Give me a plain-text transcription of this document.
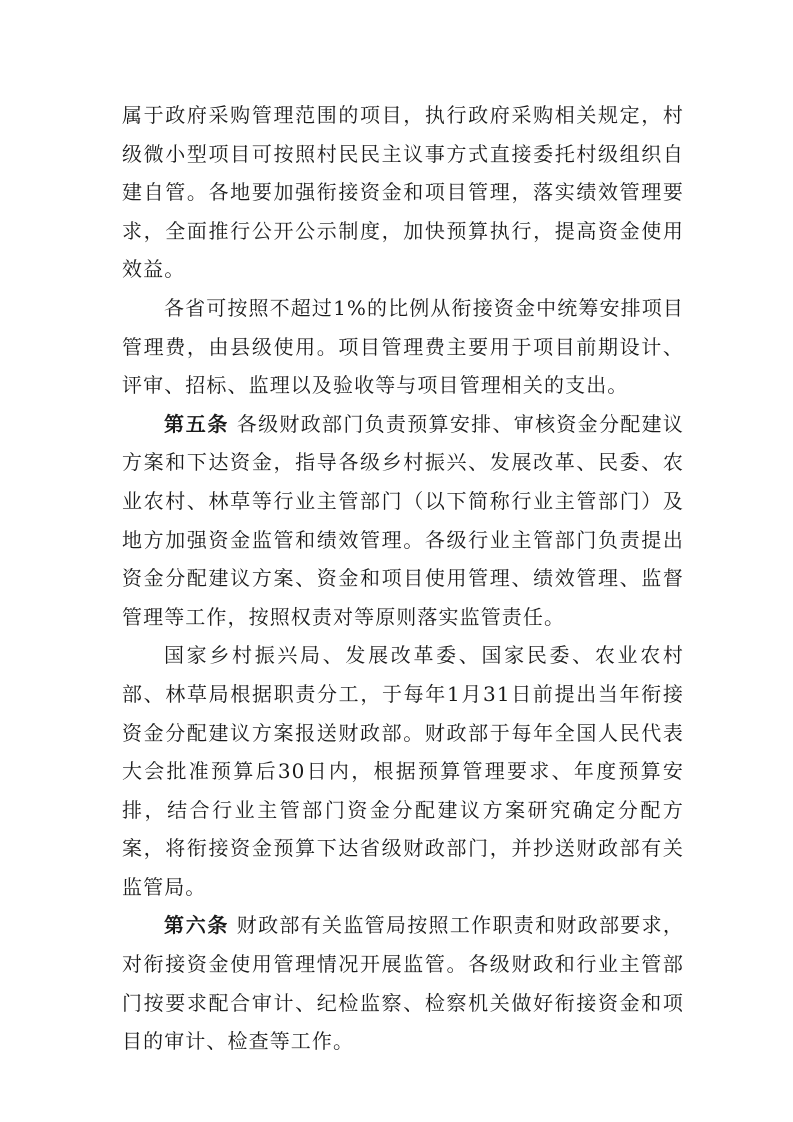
属于政府采购管理范围的项目，执行政府采购相关规定，村级微小型项目可按照村民民主议事方式直接委托村级组织自建自管。各地要加强衔接资金和项目管理，落实绩效管理要求，全面推行公开公示制度，加快预算执行，提高资金使用效益。

各省可按照不超过1%的比例从衔接资金中统筹安排项目管理费，由县级使用。项目管理费主要用于项目前期设计、评审、招标、监理以及验收等与项目管理相关的支出。

第五条 各级财政部门负责预算安排、审核资金分配建议方案和下达资金，指导各级乡村振兴、发展改革、民委、农业农村、林草等行业主管部门（以下简称行业主管部门）及地方加强资金监管和绩效管理。各级行业主管部门负责提出资金分配建议方案、资金和项目使用管理、绩效管理、监督管理等工作，按照权责对等原则落实监管责任。

国家乡村振兴局、发展改革委、国家民委、农业农村部、林草局根据职责分工，于每年1月31日前提出当年衔接资金分配建议方案报送财政部。财政部于每年全国人民代表大会批准预算后30日内，根据预算管理要求、年度预算安排，结合行业主管部门资金分配建议方案研究确定分配方案，将衔接资金预算下达省级财政部门，并抄送财政部有关监管局。

第六条 财政部有关监管局按照工作职责和财政部要求，对衔接资金使用管理情况开展监管。各级财政和行业主管部门按要求配合审计、纪检监察、检察机关做好衔接资金和项目的审计、检查等工作。
